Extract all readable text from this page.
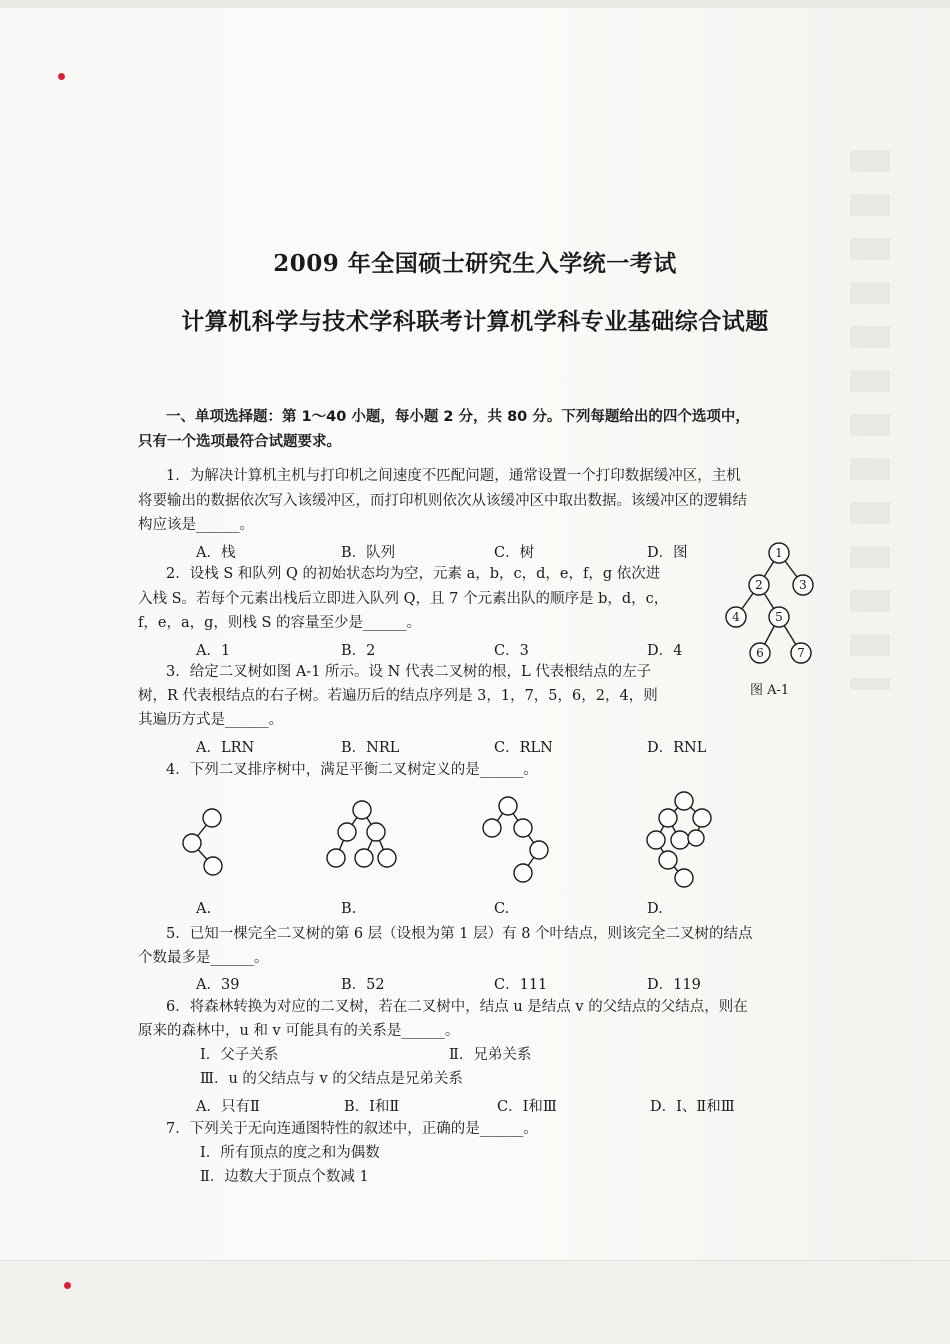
2009 年全国硕士研究生入学统一考试
计算机科学与技术学科联考计算机学科专业基础综合试题
一、单项选择题：第 1～40 小题，每小题 2 分，共 80 分。下列每题给出的四个选项中，
只有一个选项最符合试题要求。
1．为解决计算机主机与打印机之间速度不匹配问题，通常设置一个打印数据缓冲区，主机
将要输出的数据依次写入该缓冲区，而打印机则依次从该缓冲区中取出数据。该缓冲区的逻辑结
构应该是______。
A．栈	B．队列	C．树	D．图
2．设栈 S 和队列 Q 的初始状态均为空，元素 a，b，c，d，e，f，g 依次进
入栈 S。若每个元素出栈后立即进入队列 Q，且 7 个元素出队的顺序是 b，d，c，
f，e，a，g，则栈 S 的容量至少是______。
A．1	B．2	C．3	D．4
3．给定二叉树如图 A-1 所示。设 N 代表二叉树的根，L 代表根结点的左子
树，R 代表根结点的右子树。若遍历后的结点序列是 3，1，7，5，6，2，4，则
其遍历方式是______。
A．LRN	B．NRL	C．RLN	D．RNL
1
2	3
4	5
6	7
图 A-1
4．下列二叉排序树中，满足平衡二叉树定义的是______。
A.	B.	C.	D.
5．已知一棵完全二叉树的第 6 层（设根为第 1 层）有 8 个叶结点，则该完全二叉树的结点
个数最多是______。
A．39	B．52	C．111	D．119
6．将森林转换为对应的二叉树，若在二叉树中，结点 u 是结点 v 的父结点的父结点，则在
原来的森林中，u 和 v 可能具有的关系是______。
Ⅰ．父子关系	Ⅱ．兄弟关系
Ⅲ．u 的父结点与 v 的父结点是兄弟关系
A．只有Ⅱ	B．Ⅰ和Ⅱ	C．Ⅰ和Ⅲ	D．Ⅰ、Ⅱ和Ⅲ
7．下列关于无向连通图特性的叙述中，正确的是______。
Ⅰ．所有顶点的度之和为偶数
Ⅱ．边数大于顶点个数减 1
